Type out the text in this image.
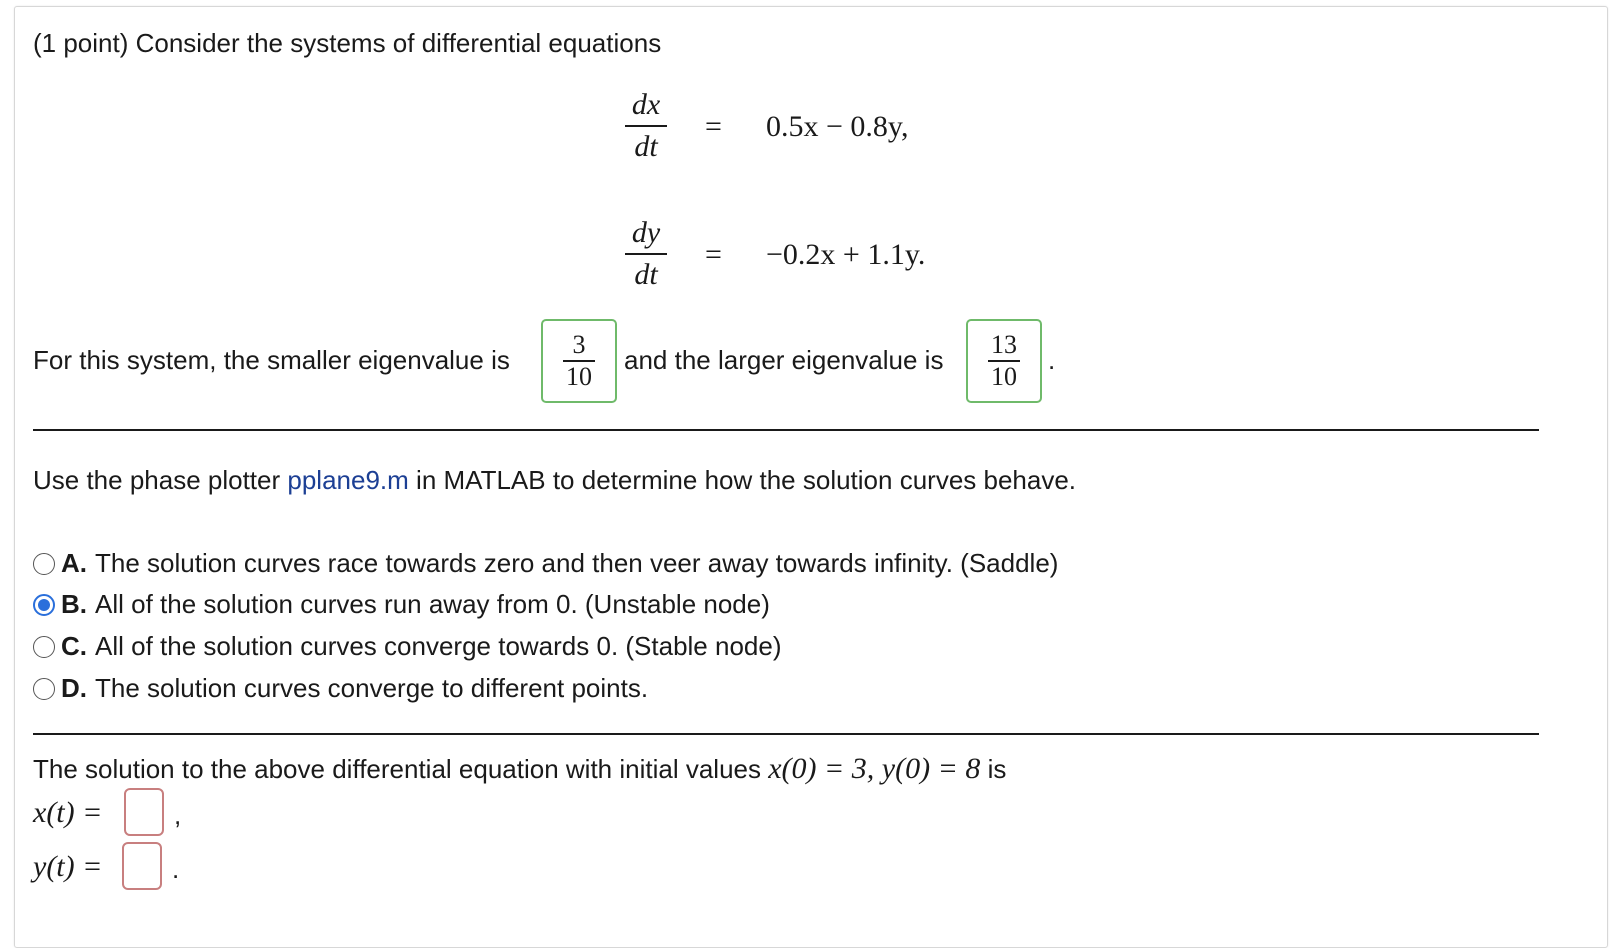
(1 point) Consider the systems of differential equations
dx
dt
= 0.5x − 0.8y,
dy
dt
= −0.2x + 1.1y.
For this system, the smaller eigenvalue is
3
10
and the larger eigenvalue is
13
10
.
Use the phase plotter pplane9.m in MATLAB to determine how the solution curves behave.
A. The solution curves race towards zero and then veer away towards infinity. (Saddle)
B. All of the solution curves run away from 0. (Unstable node)
C. All of the solution curves converge towards 0. (Stable node)
D. The solution curves converge to different points.
The solution to the above differential equation with initial values x(0) = 3, y(0) = 8 is
x(t) =	,
y(t) =	.
